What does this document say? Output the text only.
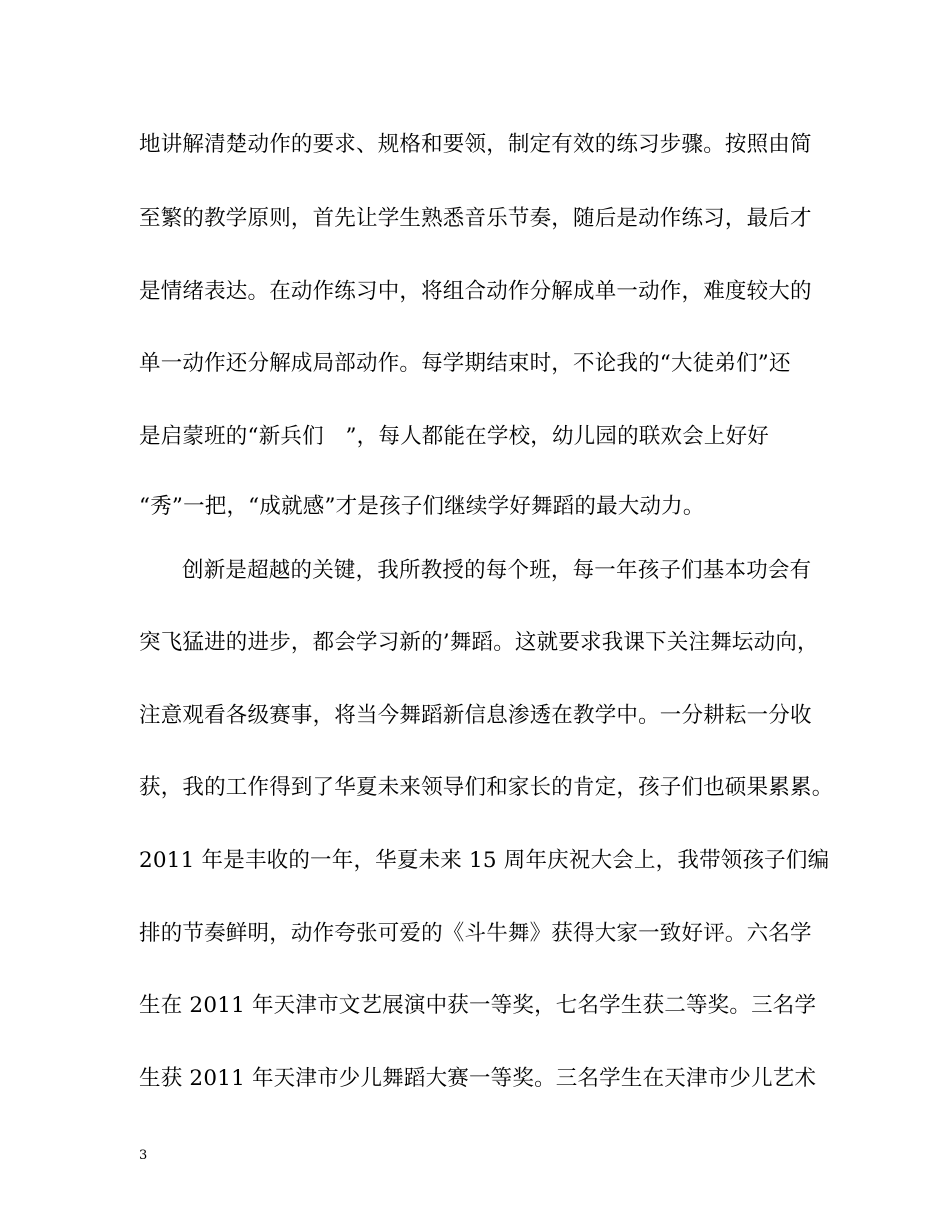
地讲解清楚动作的要求、规格和要领，制定有效的练习步骤。按照由简
至繁的教学原则，首先让学生熟悉音乐节奏，随后是动作练习，最后才
是情绪表达。在动作练习中，将组合动作分解成单一动作，难度较大的
单一动作还分解成局部动作。每学期结束时，不论我的“大徒弟们”还
是启蒙班的“新兵们　”，每人都能在学校，幼儿园的联欢会上好好
“秀”一把，“成就感”才是孩子们继续学好舞蹈的最大动力。
创新是超越的关键，我所教授的每个班，每一年孩子们基本功会有
突飞猛进的进步，都会学习新的’舞蹈。这就要求我课下关注舞坛动向，
注意观看各级赛事，将当今舞蹈新信息渗透在教学中。一分耕耘一分收
获，我的工作得到了华夏未来领导们和家长的肯定，孩子们也硕果累累。
2011 年是丰收的一年，华夏未来 15 周年庆祝大会上，我带领孩子们编
排的节奏鲜明，动作夸张可爱的《斗牛舞》获得大家一致好评。六名学
生在 2011 年天津市文艺展演中获一等奖，七名学生获二等奖。三名学
生获 2011 年天津市少儿舞蹈大赛一等奖。三名学生在天津市少儿艺术
3
